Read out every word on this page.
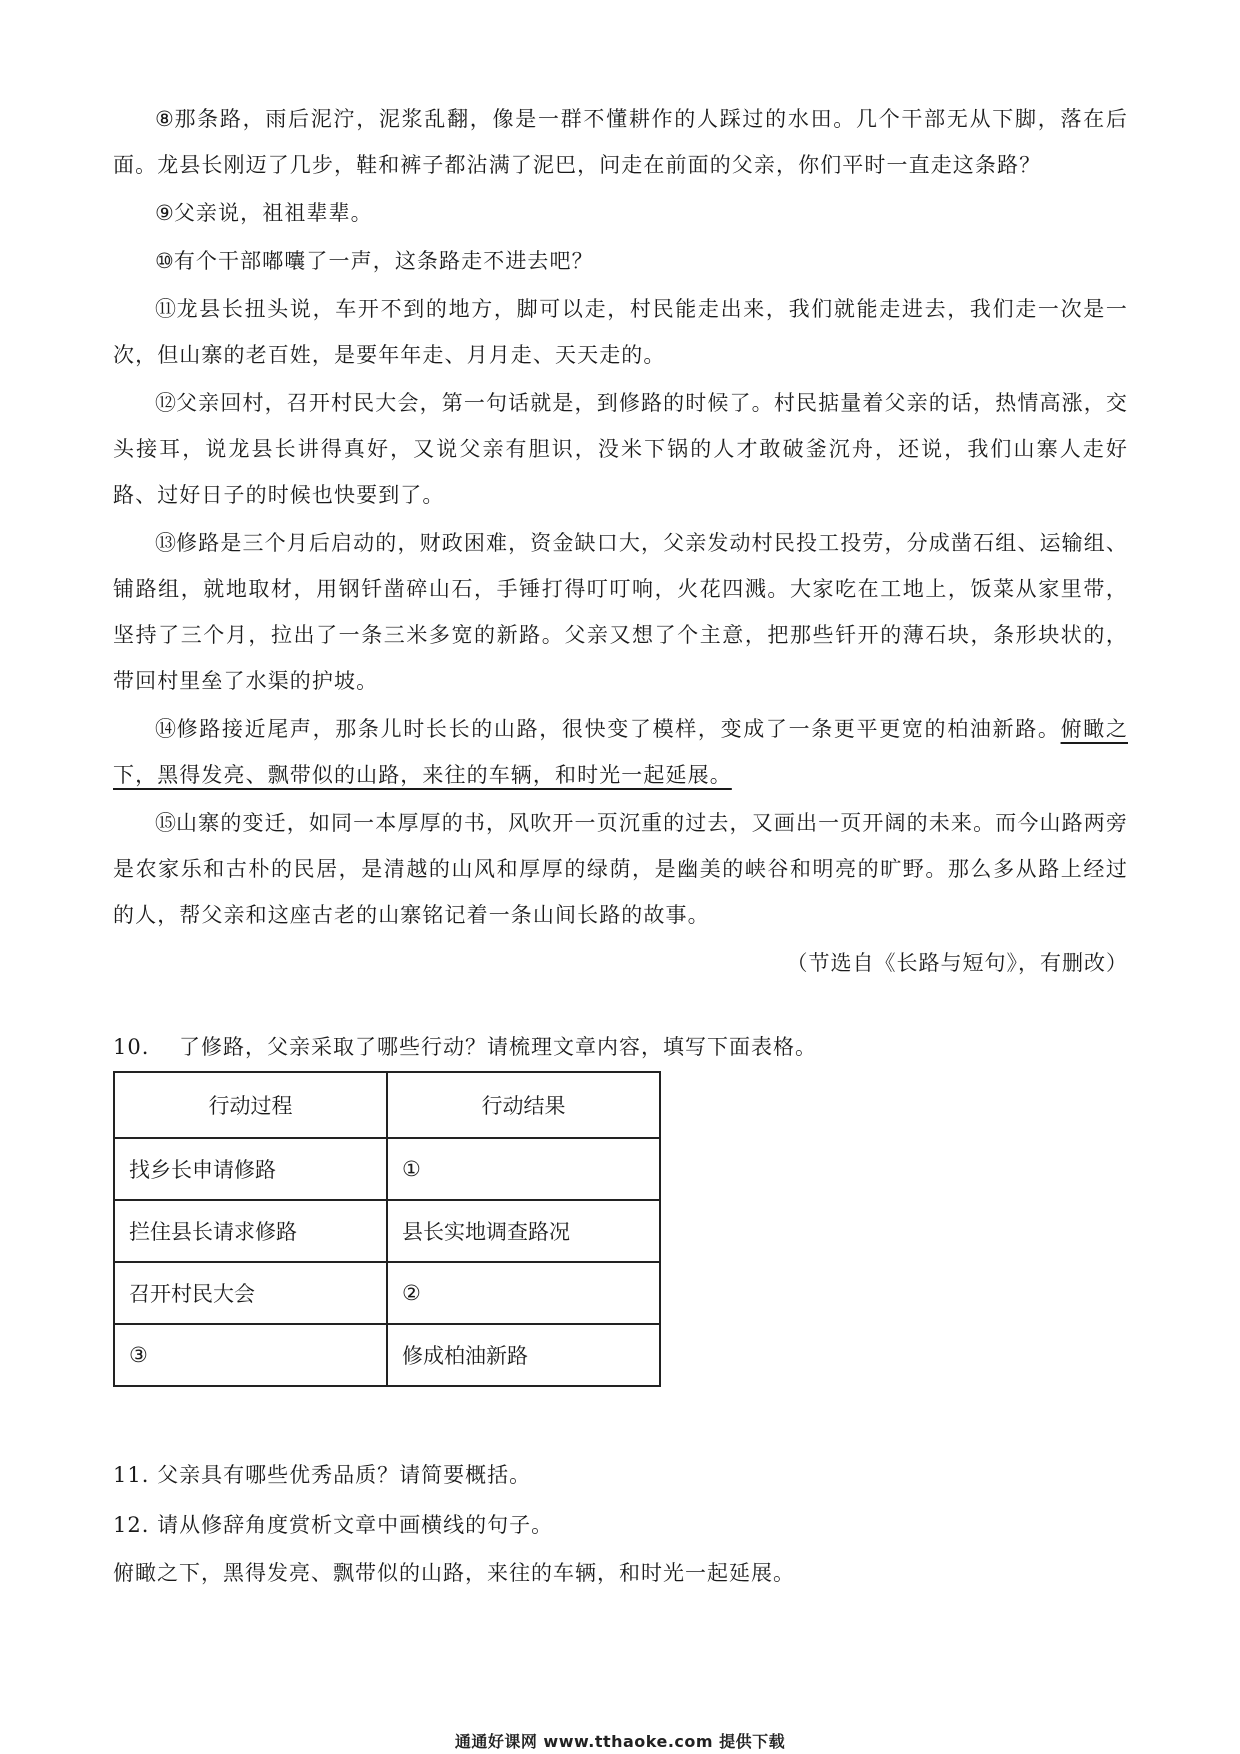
⑧那条路，雨后泥泞，泥浆乱翻，像是一群不懂耕作的人踩过的水田。几个干部无从下脚，落在后面。龙县长刚迈了几步，鞋和裤子都沾满了泥巴，问走在前面的父亲，你们平时一直走这条路？

⑨父亲说，祖祖辈辈。

⑩有个干部嘟囔了一声，这条路走不进去吧？

⑪龙县长扭头说，车开不到的地方，脚可以走，村民能走出来，我们就能走进去，我们走一次是一次，但山寨的老百姓，是要年年走、月月走、天天走的。

⑫父亲回村，召开村民大会，第一句话就是，到修路的时候了。村民掂量着父亲的话，热情高涨，交头接耳，说龙县长讲得真好，又说父亲有胆识，没米下锅的人才敢破釜沉舟，还说，我们山寨人走好路、过好日子的时候也快要到了。

⑬修路是三个月后启动的，财政困难，资金缺口大，父亲发动村民投工投劳，分成凿石组、运输组、铺路组，就地取材，用钢钎凿碎山石，手锤打得叮叮响，火花四溅。大家吃在工地上，饭菜从家里带，坚持了三个月，拉出了一条三米多宽的新路。父亲又想了个主意，把那些钎开的薄石块，条形块状的，带回村里垒了水渠的护坡。

⑭修路接近尾声，那条儿时长长的山路，很快变了模样，变成了一条更平更宽的柏油新路。俯瞰之下，黑得发亮、飘带似的山路，来往的车辆，和时光一起延展。

⑮山寨的变迁，如同一本厚厚的书，风吹开一页沉重的过去，又画出一页开阔的未来。而今山路两旁是农家乐和古朴的民居，是清越的山风和厚厚的绿荫，是幽美的峡谷和明亮的旷野。那么多从路上经过的人，帮父亲和这座古老的山寨铭记着一条山间长路的故事。

（节选自《长路与短句》，有删改）

10. 了修路，父亲采取了哪些行动？请梳理文章内容，填写下面表格。

行动过程	行动结果
找乡长申请修路	①
拦住县长请求修路	县长实地调查路况
召开村民大会	②
③	修成柏油新路

11. 父亲具有哪些优秀品质？请简要概括。

12. 请从修辞角度赏析文章中画横线的句子。

俯瞰之下，黑得发亮、飘带似的山路，来往的车辆，和时光一起延展。

通通好课网 www.tthaoke.com 提供下载
